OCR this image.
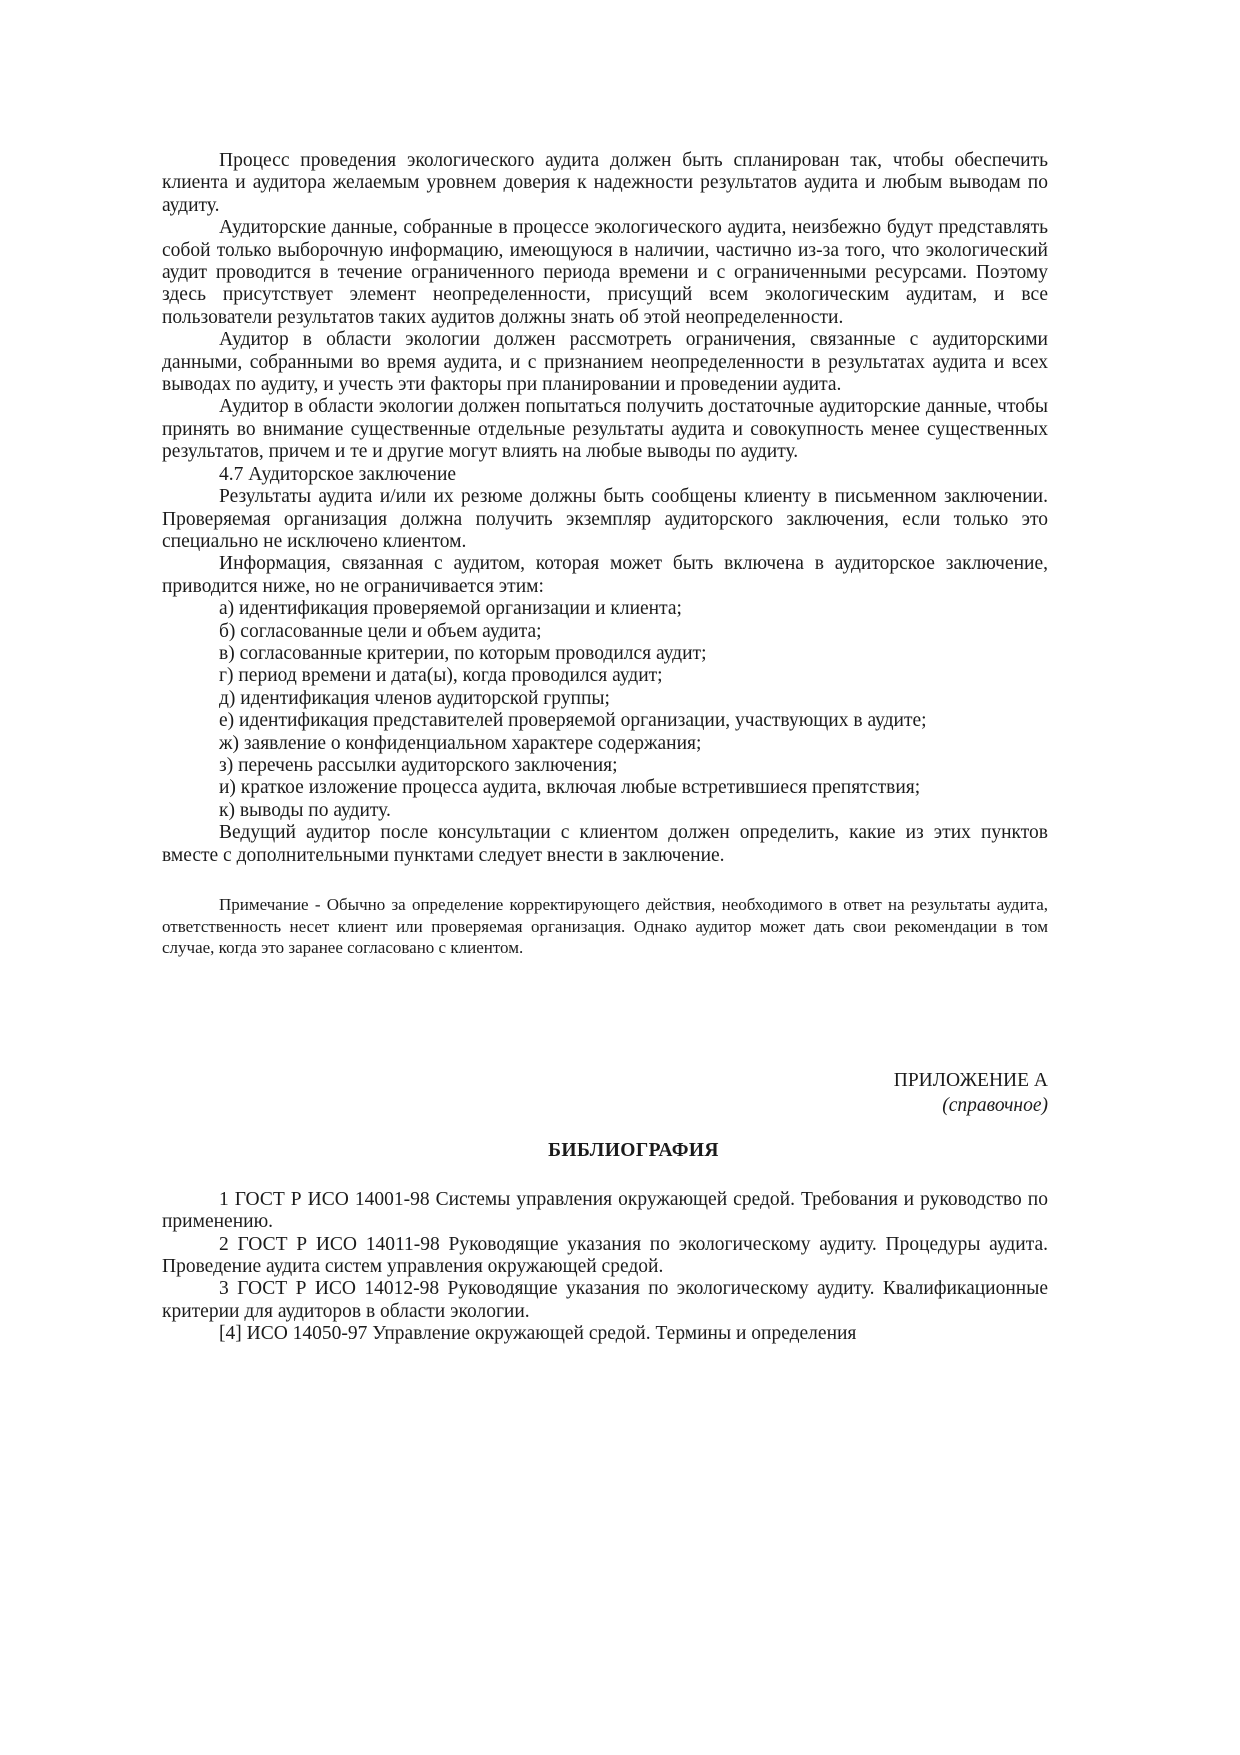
Процесс проведения экологического аудита должен быть спланирован так, чтобы обеспечить клиента и аудитора желаемым уровнем доверия к надежности результатов аудита и любым выводам по аудиту.

Аудиторские данные, собранные в процессе экологического аудита, неизбежно будут представлять собой только выборочную информацию, имеющуюся в наличии, частично из-за того, что экологический аудит проводится в течение ограниченного периода времени и с ограниченными ресурсами. Поэтому здесь присутствует элемент неопределенности, присущий всем экологическим аудитам, и все пользователи результатов таких аудитов должны знать об этой неопределенности.

Аудитор в области экологии должен рассмотреть ограничения, связанные с аудиторскими данными, собранными во время аудита, и с признанием неопределенности в результатах аудита и всех выводах по аудиту, и учесть эти факторы при планировании и проведении аудита.

Аудитор в области экологии должен попытаться получить достаточные аудиторские данные, чтобы принять во внимание существенные отдельные результаты аудита и совокупность менее существенных результатов, причем и те и другие могут влиять на любые выводы по аудиту.

4.7 Аудиторское заключение

Результаты аудита и/или их резюме должны быть сообщены клиенту в письменном заключении. Проверяемая организация должна получить экземпляр аудиторского заключения, если только это специально не исключено клиентом.

Информация, связанная с аудитом, которая может быть включена в аудиторское заключение, приводится ниже, но не ограничивается этим:

а) идентификация проверяемой организации и клиента;

б) согласованные цели и объем аудита;

в) согласованные критерии, по которым проводился аудит;

г) период времени и дата(ы), когда проводился аудит;

д) идентификация членов аудиторской группы;

е) идентификация представителей проверяемой организации, участвующих в аудите;

ж) заявление о конфиденциальном характере содержания;

з) перечень рассылки аудиторского заключения;

и) краткое изложение процесса аудита, включая любые встретившиеся препятствия;

к) выводы по аудиту.

Ведущий аудитор после консультации с клиентом должен определить, какие из этих пунктов вместе с дополнительными пунктами следует внести в заключение.

Примечание - Обычно за определение корректирующего действия, необходимого в ответ на результаты аудита, ответственность несет клиент или проверяемая организация. Однако аудитор может дать свои рекомендации в том случае, когда это заранее согласовано с клиентом.

ПРИЛОЖЕНИЕ А
(справочное)

БИБЛИОГРАФИЯ

1 ГОСТ Р ИСО 14001-98 Системы управления окружающей средой. Требования и руководство по применению.

2 ГОСТ Р ИСО 14011-98 Руководящие указания по экологическому аудиту. Процедуры аудита. Проведение аудита систем управления окружающей средой.

3 ГОСТ Р ИСО 14012-98 Руководящие указания по экологическому аудиту. Квалификационные критерии для аудиторов в области экологии.

[4] ИСО 14050-97 Управление окружающей средой. Термины и определения
